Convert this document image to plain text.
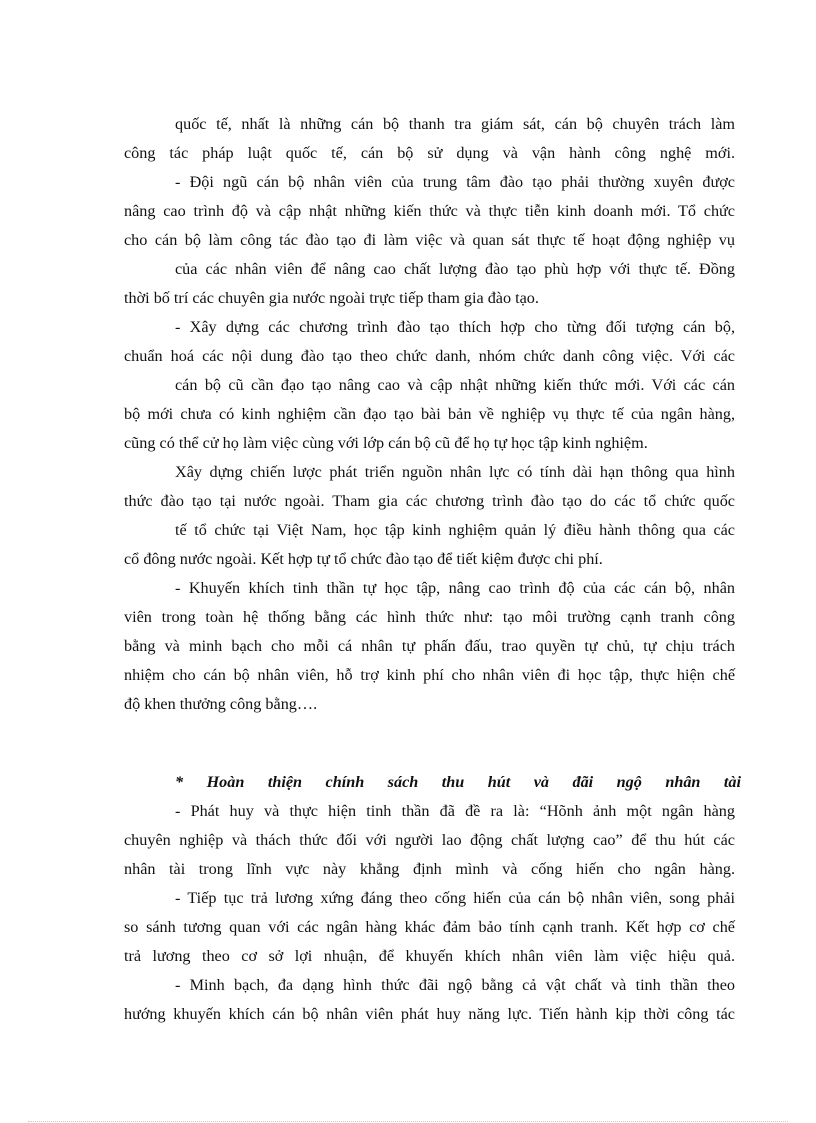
quốc tế, nhất là những cán bộ thanh tra giám sát, cán bộ chuyên trách làm
công tác pháp luật quốc tế, cán bộ sử dụng và vận hành công nghệ mới.
- Đội ngũ cán bộ nhân viên của trung tâm đào tạo phải thường xuyên được
nâng cao trình độ và cập nhật những kiến thức và thực tiễn kinh doanh mới. Tổ chức
cho cán bộ làm công tác đào tạo đi làm việc và quan sát thực tế hoạt động nghiệp vụ
của các nhân viên để nâng cao chất lượng đào tạo phù hợp với thực tế. Đồng
thời bố trí các chuyên gia nước ngoài trực tiếp tham gia đào tạo.
- Xây dựng các chương trình đào tạo thích hợp cho từng đối tượng cán bộ,
chuẩn hoá các nội dung đào tạo theo chức danh, nhóm chức danh công việc. Với các
cán bộ cũ cần đạo tạo nâng cao và cập nhật những kiến thức mới. Với các cán
bộ mới chưa có kinh nghiệm cần đạo tạo bài bản về nghiệp vụ thực tế của ngân hàng,
cũng có thể cử họ làm việc cùng với lớp cán bộ cũ để họ tự học tập kinh nghiệm.
Xây dựng chiến lược phát triển nguồn nhân lực có tính dài hạn thông qua hình
thức đào tạo tại nước ngoài. Tham gia các chương trình đào tạo do các tổ chức quốc
tế tổ chức tại Việt Nam, học tập kinh nghiệm quản lý điều hành thông qua các
cổ đông nước ngoài. Kết hợp tự tổ chức đào tạo để tiết kiệm được chi phí.
- Khuyến khích tinh thần tự học tập, nâng cao trình độ của các cán bộ, nhân
viên trong toàn hệ thống bằng các hình thức như: tạo môi trường cạnh tranh công
bằng và minh bạch cho mỗi cá nhân tự phấn đấu, trao quyền tự chủ, tự chịu trách
nhiệm cho cán bộ nhân viên, hỗ trợ kinh phí cho nhân viên đi học tập, thực hiện chế
độ khen thưởng công bằng….
* Hoàn thiện chính sách thu hút và đãi ngộ nhân tài
- Phát huy và thực hiện tinh thần đã đề ra là: “Hõnh ảnh một ngân hàng
chuyên nghiệp và thách thức đối với người lao động chất lượng cao” để thu hút các
nhân tài trong lĩnh vực này khẳng định mình và cống hiến cho ngân hàng.
- Tiếp tục trả lương xứng đáng theo cống hiến của cán bộ nhân viên, song phải
so sánh tương quan với các ngân hàng khác đảm bảo tính cạnh tranh. Kết hợp cơ chế
trả lương theo cơ sở lợi nhuận, để khuyến khích nhân viên làm việc hiệu quả.
- Minh bạch, đa dạng hình thức đãi ngộ bằng cả vật chất và tinh thần theo
hướng khuyến khích cán bộ nhân viên phát huy năng lực. Tiến hành kịp thời công tác
